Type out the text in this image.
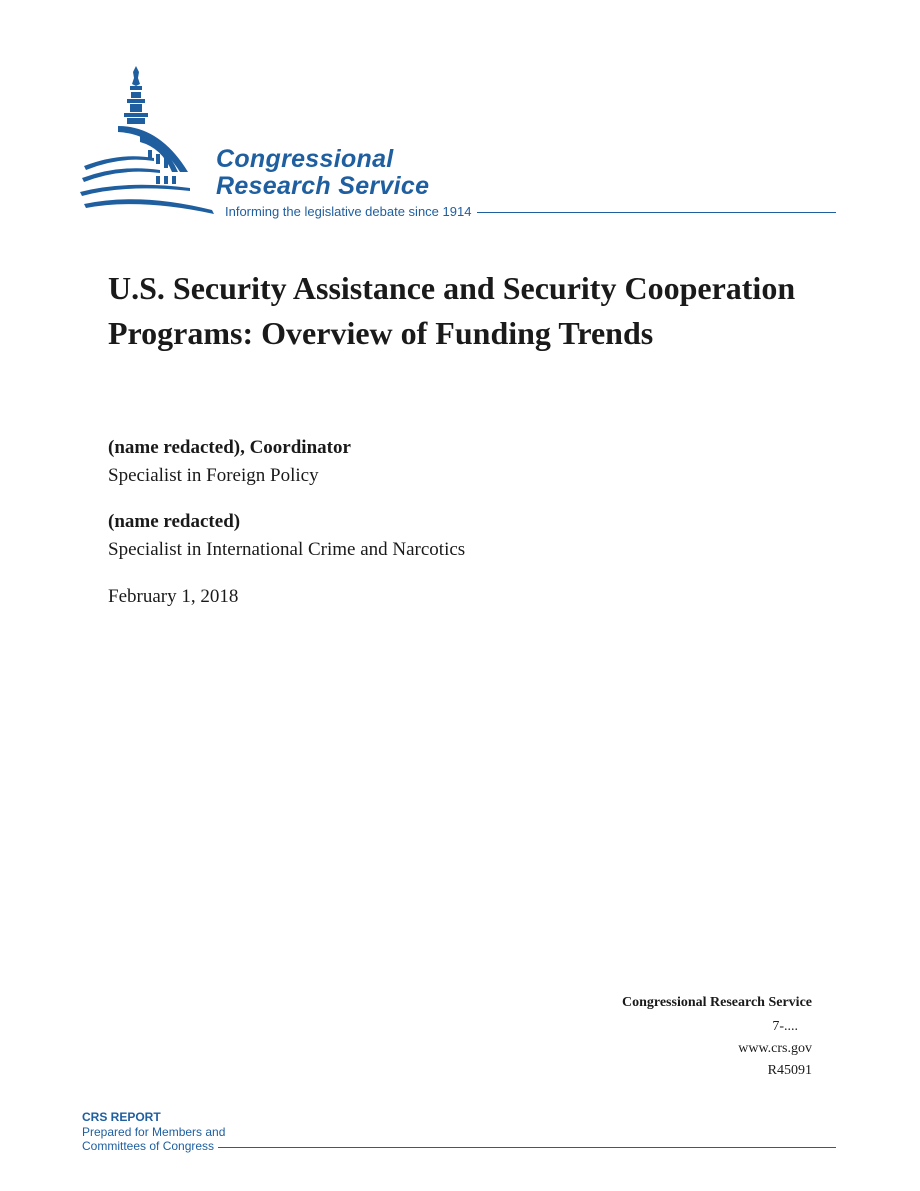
Congressional
Research Service
Informing the legislative debate since 1914
U.S. Security Assistance and Security Cooperation Programs: Overview of Funding Trends
(name redacted), Coordinator
Specialist in Foreign Policy
(name redacted)
Specialist in International Crime and Narcotics
February 1, 2018
Congressional Research Service
7-....
www.crs.gov
R45091
CRS REPORT
Prepared for Members and
Committees of Congress
